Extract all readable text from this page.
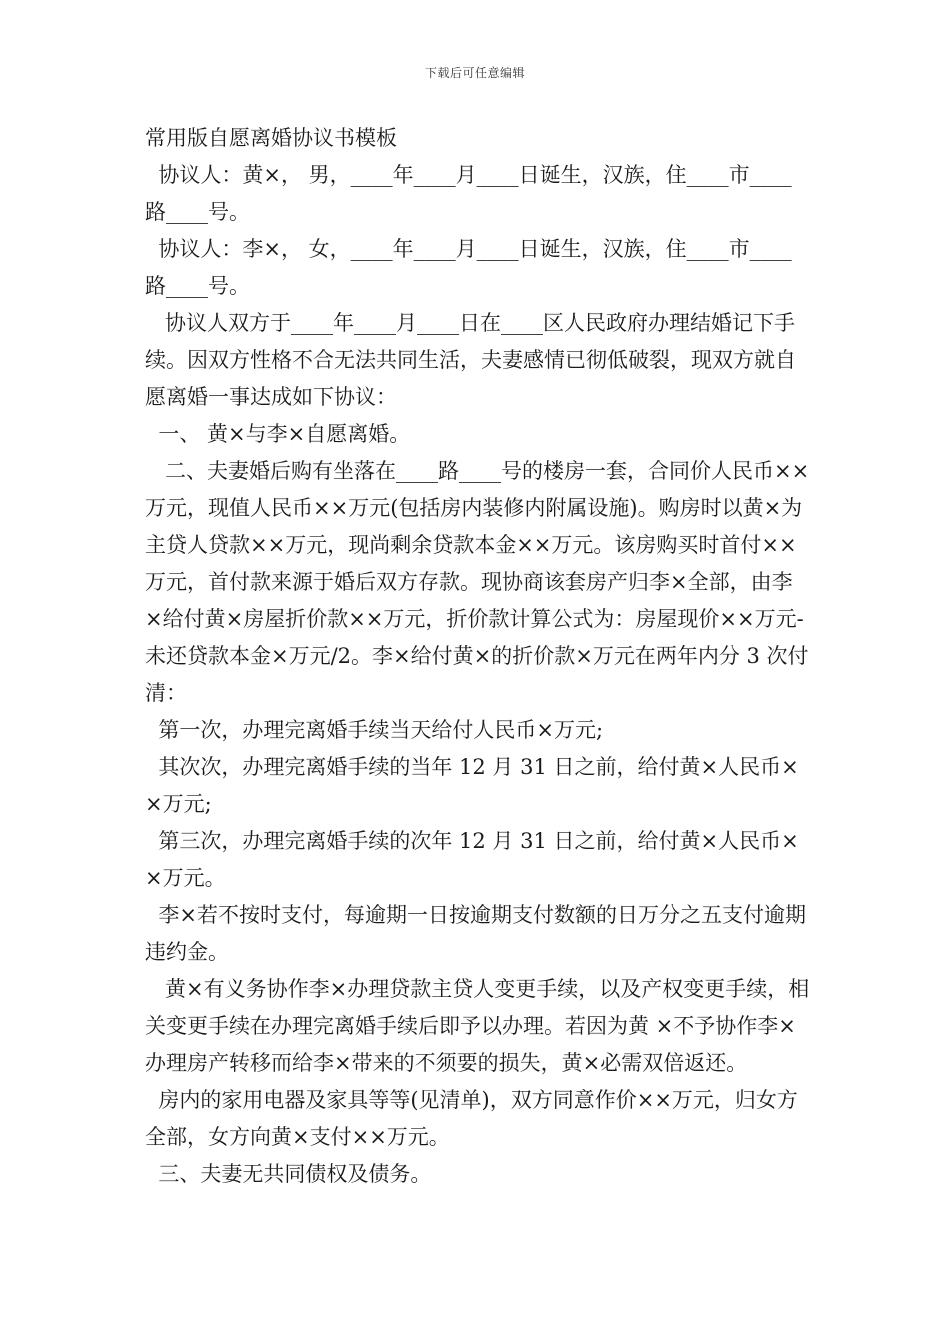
下载后可任意编辑
常用版自愿离婚协议书模板

协议人：黄×， 男，____年____月____日诞生，汉族，住____市____路____号。

协议人：李×， 女，____年____月____日诞生，汉族，住____市____路____号。

协议人双方于____年____月____日在____区人民政府办理结婚记下手续。因双方性格不合无法共同生活，夫妻感情已彻低破裂，现双方就自愿离婚一事达成如下协议：

一、 黄×与李×自愿离婚。

二、夫妻婚后购有坐落在____路____号的楼房一套，合同价人民币××万元，现值人民币××万元(包括房内装修内附属设施)。购房时以黄×为主贷人贷款××万元，现尚剩余贷款本金××万元。该房购买时首付××万元，首付款来源于婚后双方存款。现协商该套房产归李×全部，由李×给付黄×房屋折价款××万元，折价款计算公式为：房屋现价××万元-未还贷款本金×万元/2。李×给付黄×的折价款×万元在两年内分 3 次付清：

第一次，办理完离婚手续当天给付人民币×万元;

其次次，办理完离婚手续的当年 12 月 31 日之前，给付黄×人民币××万元;

第三次，办理完离婚手续的次年 12 月 31 日之前，给付黄×人民币××万元。

李×若不按时支付，每逾期一日按逾期支付数额的日万分之五支付逾期违约金。

黄×有义务协作李×办理贷款主贷人变更手续，以及产权变更手续，相关变更手续在办理完离婚手续后即予以办理。若因为黄 ×不予协作李×办理房产转移而给李×带来的不须要的损失，黄×必需双倍返还。

房内的家用电器及家具等等(见清单)，双方同意作价××万元，归女方全部，女方向黄×支付××万元。

三、夫妻无共同债权及债务。
